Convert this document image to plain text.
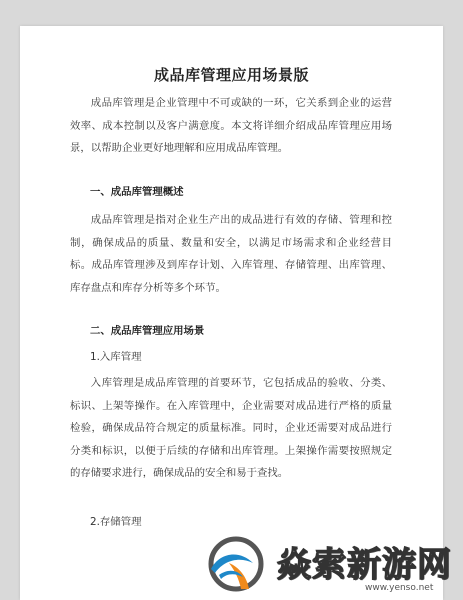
成品库管理应用场景版

成品库管理是企业管理中不可或缺的一环，它关系到企业的运营效率、成本控制以及客户满意度。本文将详细介绍成品库管理应用场景，以帮助企业更好地理解和应用成品库管理。

一、成品库管理概述

成品库管理是指对企业生产出的成品进行有效的存储、管理和控制，确保成品的质量、数量和安全，以满足市场需求和企业经营目标。成品库管理涉及到库存计划、入库管理、存储管理、出库管理、库存盘点和库存分析等多个环节。

二、成品库管理应用场景

1.入库管理

入库管理是成品库管理的首要环节，它包括成品的验收、分类、标识、上架等操作。在入库管理中，企业需要对成品进行严格的质量检验，确保成品符合规定的质量标准。同时，企业还需要对成品进行分类和标识，以便于后续的存储和出库管理。上架操作需要按照规定的存储要求进行，确保成品的安全和易于查找。

2.存储管理

焱索新游网
www.yenso.net
